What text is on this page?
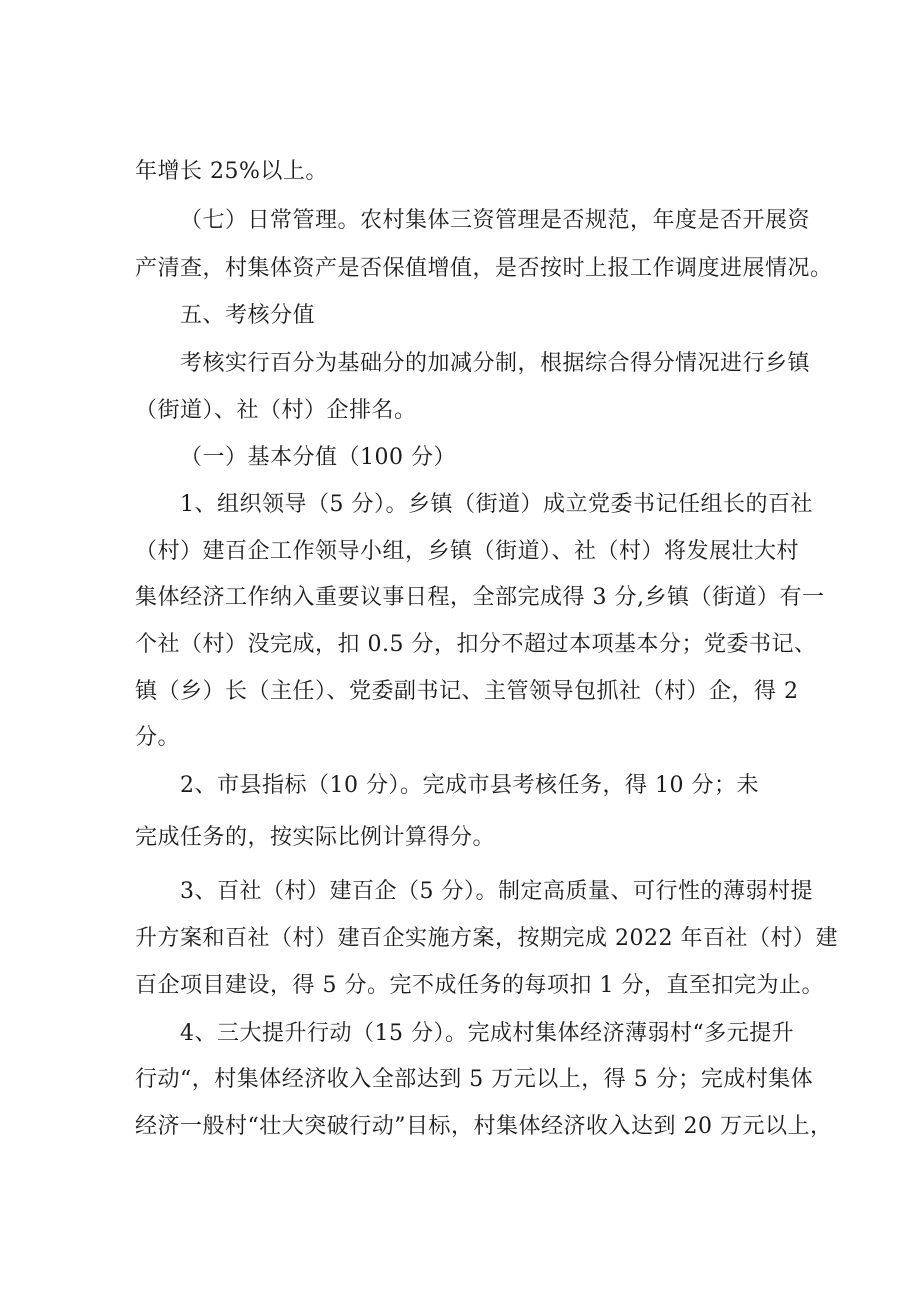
年增长 25%以上。
（七）日常管理。农村集体三资管理是否规范，年度是否开展资
产清查，村集体资产是否保值增值，是否按时上报工作调度进展情况。
五、考核分值
考核实行百分为基础分的加减分制，根据综合得分情况进行乡镇
（街道）、社（村）企排名。
（一）基本分值（100 分）
1、组织领导（5 分）。乡镇（街道）成立党委书记任组长的百社
（村）建百企工作领导小组，乡镇（街道）、社（村）将发展壮大村
集体经济工作纳入重要议事日程，全部完成得 3 分,乡镇（街道）有一
个社（村）没完成，扣 0.5 分，扣分不超过本项基本分；党委书记、
镇（乡）长（主任）、党委副书记、主管领导包抓社（村）企，得 2
分。
2、市县指标（10 分）。完成市县考核任务，得 10 分；未
完成任务的，按实际比例计算得分。
3、百社（村）建百企（5 分）。制定高质量、可行性的薄弱村提
升方案和百社（村）建百企实施方案，按期完成 2022 年百社（村）建
百企项目建设，得 5 分。完不成任务的每项扣 1 分，直至扣完为止。
4、三大提升行动（15 分）。完成村集体经济薄弱村“多元提升
行动“，村集体经济收入全部达到 5 万元以上，得 5 分；完成村集体
经济一般村“壮大突破行动”目标，村集体经济收入达到 20 万元以上，
